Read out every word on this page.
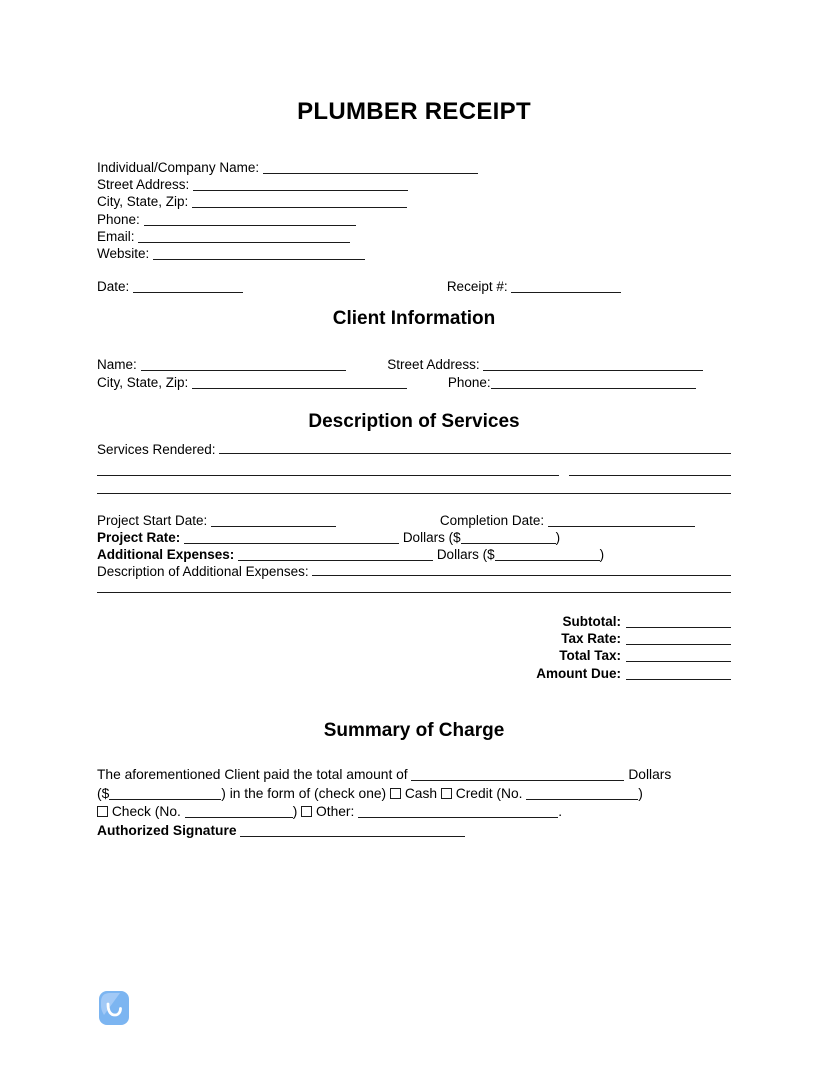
PLUMBER RECEIPT
Individual/Company Name:
Street Address:
City, State, Zip:
Phone:
Email:
Website:
Date:	Receipt #:
Client Information
Name:	Street Address:
City, State, Zip:	Phone:
Description of Services
Services Rendered:

Project Start Date:	Completion Date:
Project Rate:	Dollars ($	)
Additional Expenses:	Dollars ($	)
Description of Additional Expenses:

Subtotal:
Tax Rate:
Total Tax:
Amount Due:
Summary of Charge
The aforementioned Client paid the total amount of	Dollars
($	) in the form of (check one) Cash Credit (No.	)
Check (No.	) Other:	.
Authorized Signature
